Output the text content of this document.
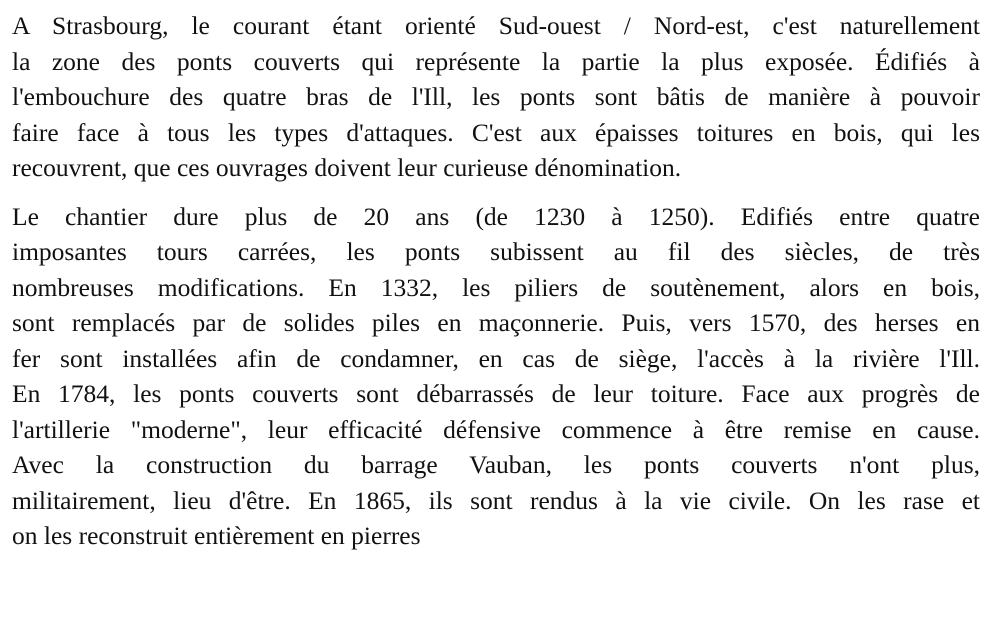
A Strasbourg, le courant étant orienté Sud-ouest / Nord-est, c'est naturellement
la zone des ponts couverts qui représente la partie la plus exposée. Édifiés à
l'embouchure des quatre bras de l'Ill, les ponts sont bâtis de manière à pouvoir
faire face à tous les types d'attaques. C'est aux épaisses toitures en bois, qui les
recouvrent, que ces ouvrages doivent leur curieuse dénomination.

Le chantier dure plus de 20 ans (de 1230 à 1250). Edifiés entre quatre
imposantes tours carrées, les ponts subissent au fil des siècles, de très
nombreuses modifications. En 1332, les piliers de soutènement, alors en bois,
sont remplacés par de solides piles en maçonnerie. Puis, vers 1570, des herses en
fer sont installées afin de condamner, en cas de siège, l'accès à la rivière l'Ill.
En 1784, les ponts couverts sont débarrassés de leur toiture. Face aux progrès de
l'artillerie "moderne", leur efficacité défensive commence à être remise en cause.
Avec la construction du barrage Vauban, les ponts couverts n'ont plus,
militairement, lieu d'être. En 1865, ils sont rendus à la vie civile. On les rase et
on les reconstruit entièrement en pierres
